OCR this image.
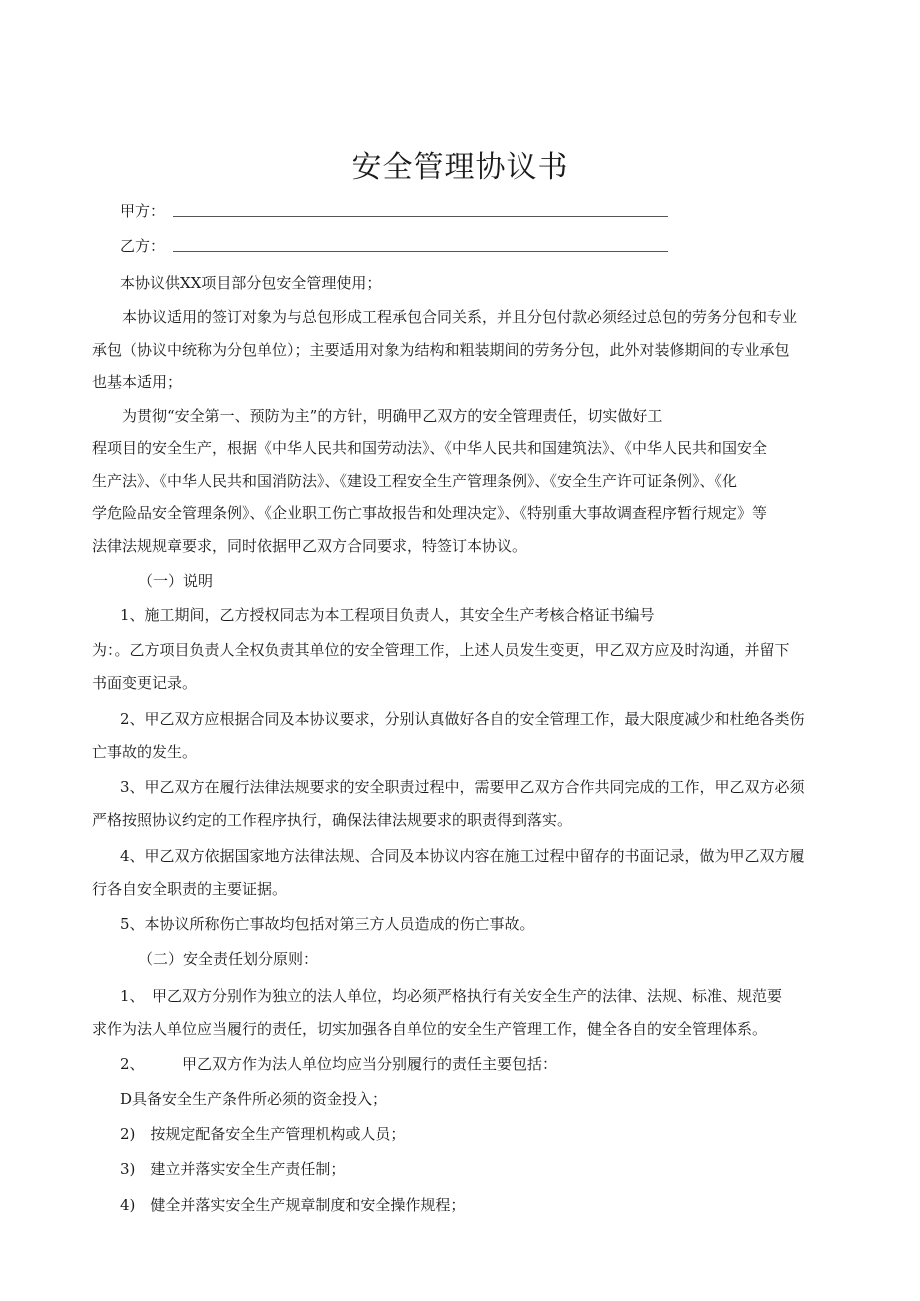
安全管理协议书
甲方：
乙方：
本协议供XX项目部分包安全管理使用；
本协议适用的签订对象为与总包形成工程承包合同关系，并且分包付款必须经过总包的劳务分包和专业
承包（协议中统称为分包单位）；主要适用对象为结构和粗装期间的劳务分包，此外对装修期间的专业承包
也基本适用；
为贯彻“安全第一、预防为主”的方针，明确甲乙双方的安全管理责任，切实做好工
程项目的安全生产，根据《中华人民共和国劳动法》、《中华人民共和国建筑法》、《中华人民共和国安全
生产法》、《中华人民共和国消防法》、《建设工程安全生产管理条例》、《安全生产许可证条例》、《化
学危险品安全管理条例》、《企业职工伤亡事故报告和处理决定》、《特别重大事故调查程序暂行规定》等
法律法规规章要求，同时依据甲乙双方合同要求，特签订本协议。
（一）说明
1、施工期间，乙方授权同志为本工程项目负责人，其安全生产考核合格证书编号
为：。乙方项目负责人全权负责其单位的安全管理工作，上述人员发生变更，甲乙双方应及时沟通，并留下
书面变更记录。
2、甲乙双方应根据合同及本协议要求，分别认真做好各自的安全管理工作，最大限度减少和杜绝各类伤
亡事故的发生。
3、甲乙双方在履行法律法规要求的安全职责过程中，需要甲乙双方合作共同完成的工作，甲乙双方必须
严格按照协议约定的工作程序执行，确保法律法规要求的职责得到落实。
4、甲乙双方依据国家地方法律法规、合同及本协议内容在施工过程中留存的书面记录，做为甲乙双方履
行各自安全职责的主要证据。
5、本协议所称伤亡事故均包括对第三方人员造成的伤亡事故。
（二）安全责任划分原则：
1、　甲乙双方分别作为独立的法人单位，均必须严格执行有关安全生产的法律、法规、标准、规范要
求作为法人单位应当履行的责任，切实加强各自单位的安全生产管理工作，健全各自的安全管理体系。
2、　　　甲乙双方作为法人单位均应当分别履行的责任主要包括：
D具备安全生产条件所必须的资金投入；
2)　按规定配备安全生产管理机构或人员；
3)　建立并落实安全生产责任制；
4)　健全并落实安全生产规章制度和安全操作规程；
